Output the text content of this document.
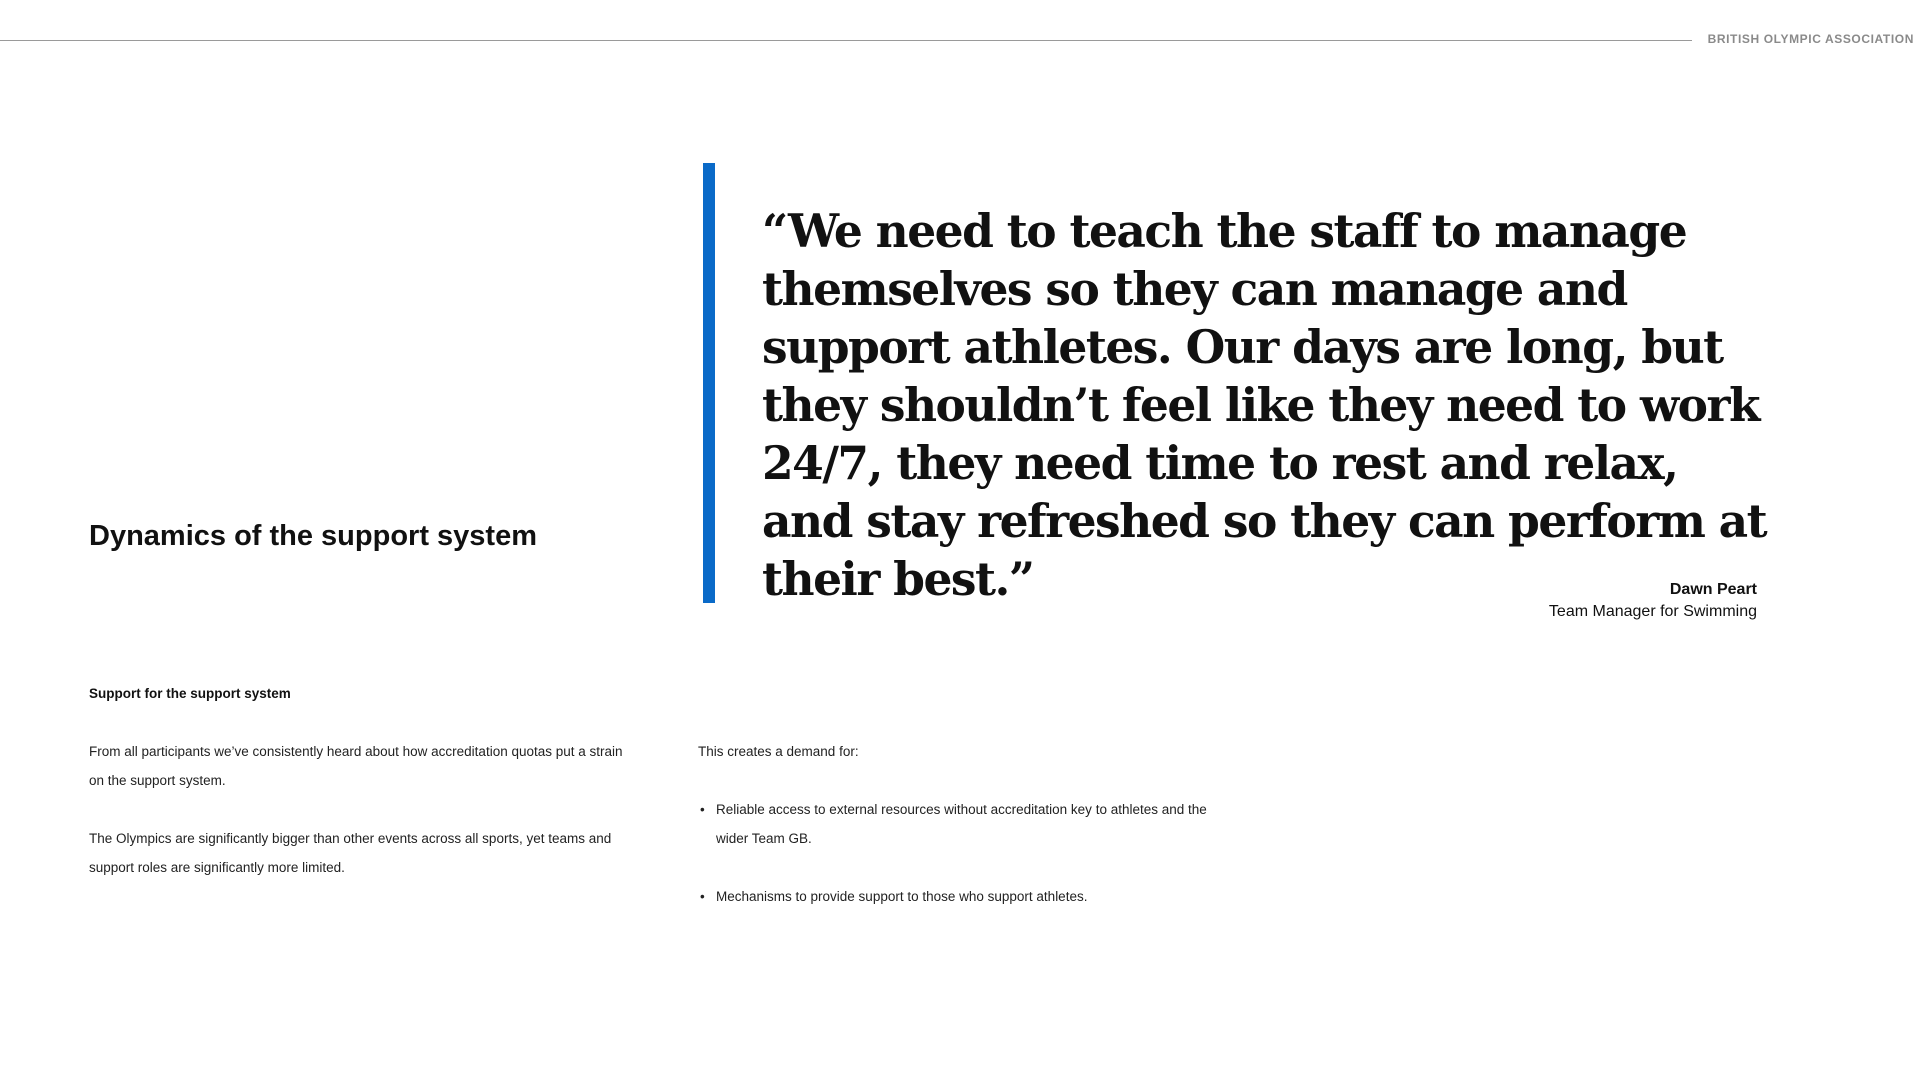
BRITISH OLYMPIC ASSOCIATION
Dynamics of the support system
“We need to teach the staff to manage themselves so they can manage and support athletes. Our days are long, but they shouldn’t feel like they need to work 24/7, they need time to rest and relax, and stay refreshed so they can perform at their best.”	Dawn Peart
Team Manager for Swimming
Support for the support system

From all participants we’ve consistently heard about how accreditation quotas put a strain on the support system.

The Olympics are significantly bigger than other events across all sports, yet teams and support roles are significantly more limited.

This creates a demand for:

• Reliable access to external resources without accreditation key to athletes and the wider Team GB.
• Mechanisms to provide support to those who support athletes.
